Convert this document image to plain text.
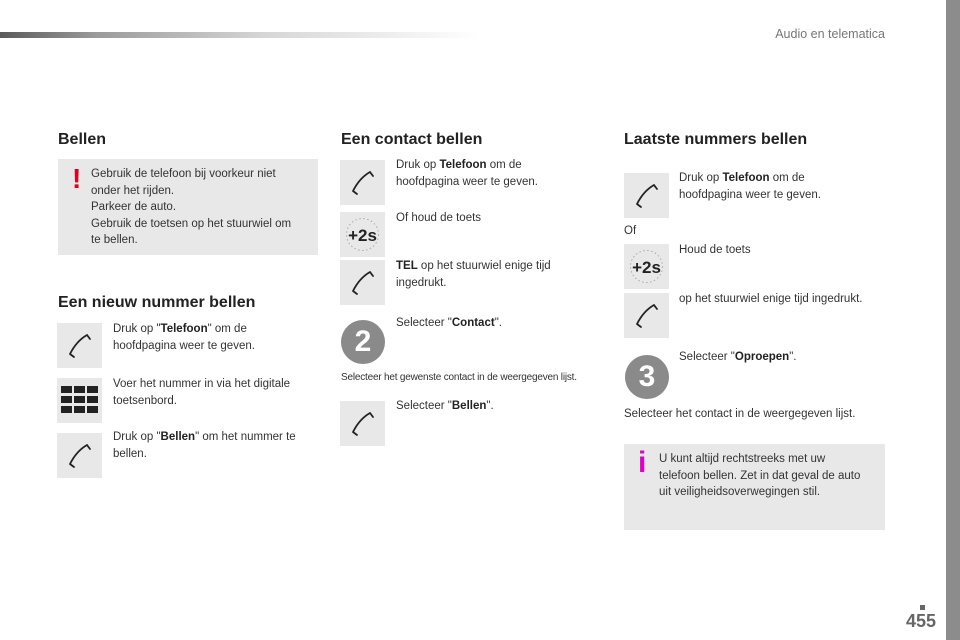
Audio en telematica
Bellen
! Gebruik de telefoon bij voorkeur niet
onder het rijden.
Parkeer de auto.
Gebruik de toetsen op het stuurwiel om
te bellen.
Een nieuw nummer bellen
Druk op "Telefoon" om de
hoofdpagina weer te geven.
Voer het nummer in via het digitale
toetsenbord.
Druk op "Bellen" om het nummer te
bellen.
Een contact bellen
Druk op Telefoon om de
hoofdpagina weer te geven.
+2s
Of houd de toets
TEL op het stuurwiel enige tijd
ingedrukt.
2
Selecteer "Contact".
Selecteer het gewenste contact in de weergegeven lijst.
Selecteer "Bellen".
Laatste nummers bellen
Druk op Telefoon om de
hoofdpagina weer te geven.
Of
+2s
Houd de toets
op het stuurwiel enige tijd ingedrukt.
3
Selecteer "Oproepen".
Selecteer het contact in de weergegeven lijst.
i U kunt altijd rechtstreeks met uw
telefoon bellen. Zet in dat geval de auto
uit veiligheidsoverwegingen stil.
455
